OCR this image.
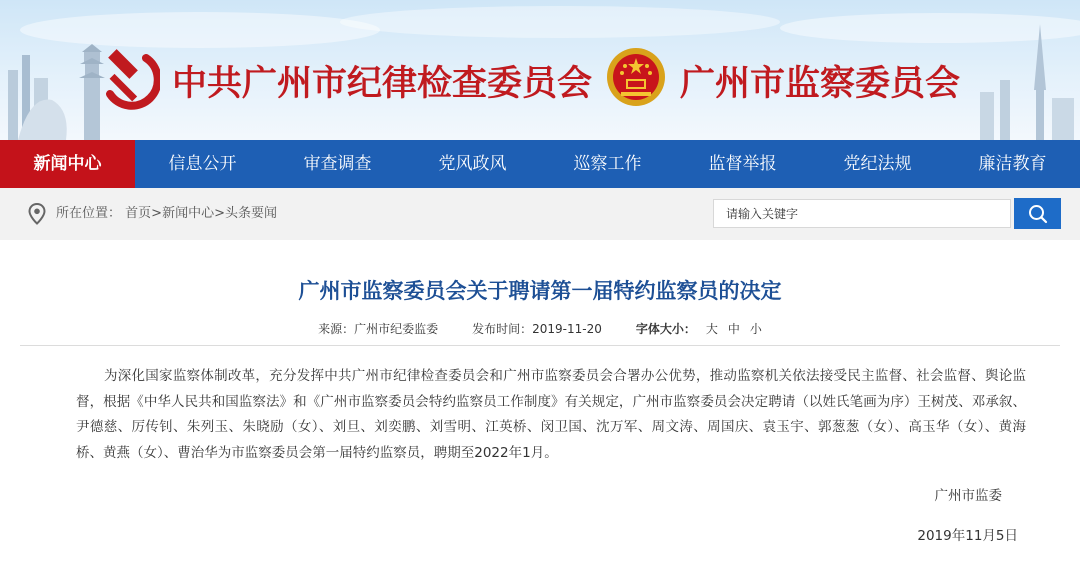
中共广州市纪律检查委员会	广州市监察委员会
新闻中心	信息公开	审查调查	党风政风	巡察工作	监督举报	党纪法规	廉洁教育
所在位置： 首页>新闻中心>头条要闻
请输入关键字
广州市监察委员会关于聘请第一届特约监察员的决定
来源：广州市纪委监委	发布时间：2019-11-20	字体大小： 大 中 小
为深化国家监察体制改革，充分发挥中共广州市纪律检查委员会和广州市监察委员会合署办公优势，推动监察机关依法接受民主监督、社会监督、舆论监督，根据《中华人民共和国监察法》和《广州市监察委员会特约监察员工作制度》有关规定，广州市监察委员会决定聘请（以姓氏笔画为序）王树茂、邓承叙、尹德慈、厉传钊、朱列玉、朱晓励（女）、刘旦、刘奕鹏、刘雪明、江英桥、闵卫国、沈万军、周文涛、周国庆、袁玉宇、郭葱葱（女）、高玉华（女）、黄海桥、黄燕（女）、曹治华为市监察委员会第一届特约监察员，聘期至2022年1月。
广州市监委
2019年11月5日
